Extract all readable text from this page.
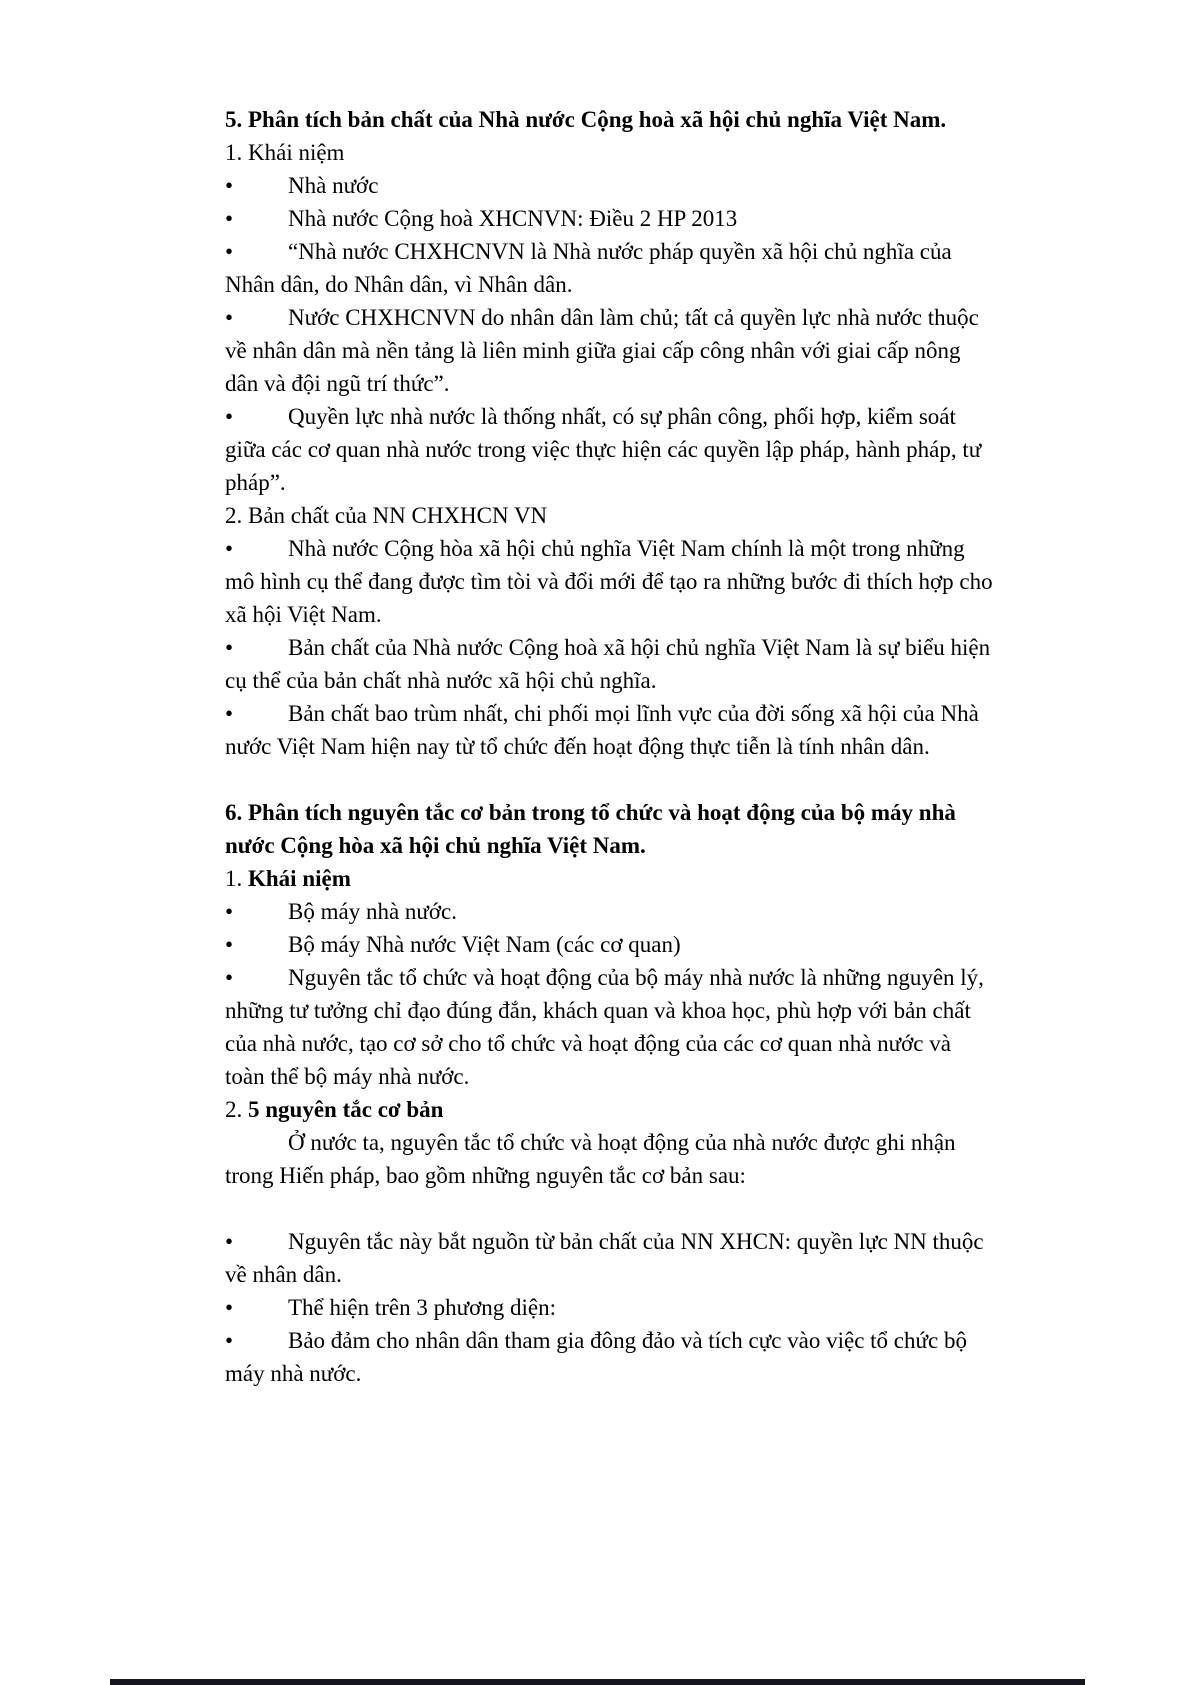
5. Phân tích bản chất của Nhà nước Cộng hoà xã hội chủ nghĩa Việt Nam.

1. Khái niệm

• Nhà nước

• Nhà nước Cộng hoà XHCNVN: Điều 2 HP 2013

• “Nhà nước CHXHCNVN là Nhà nước pháp quyền xã hội chủ nghĩa của Nhân dân, do Nhân dân, vì Nhân dân.

• Nước CHXHCNVN do nhân dân làm chủ; tất cả quyền lực nhà nước thuộc về nhân dân mà nền tảng là liên minh giữa giai cấp công nhân với giai cấp nông dân và đội ngũ trí thức”.

• Quyền lực nhà nước là thống nhất, có sự phân công, phối hợp, kiểm soát giữa các cơ quan nhà nước trong việc thực hiện các quyền lập pháp, hành pháp, tư pháp”.

2. Bản chất của NN CHXHCN VN

• Nhà nước Cộng hòa xã hội chủ nghĩa Việt Nam chính là một trong những mô hình cụ thể đang được tìm tòi và đổi mới để tạo ra những bước đi thích hợp cho xã hội Việt Nam.

• Bản chất của Nhà nước Cộng hoà xã hội chủ nghĩa Việt Nam là sự biểu hiện cụ thể của bản chất nhà nước xã hội chủ nghĩa.

• Bản chất bao trùm nhất, chi phối mọi lĩnh vực của đời sống xã hội của Nhà nước Việt Nam hiện nay từ tổ chức đến hoạt động thực tiễn là tính nhân dân.

6. Phân tích nguyên tắc cơ bản trong tổ chức và hoạt động của bộ máy nhà nước Cộng hòa xã hội chủ nghĩa Việt Nam.

1. Khái niệm

• Bộ máy nhà nước.

• Bộ máy Nhà nước Việt Nam (các cơ quan)

• Nguyên tắc tổ chức và hoạt động của bộ máy nhà nước là những nguyên lý, những tư tưởng chỉ đạo đúng đắn, khách quan và khoa học, phù hợp với bản chất của nhà nước, tạo cơ sở cho tổ chức và hoạt động của các cơ quan nhà nước và toàn thể bộ máy nhà nước.

2. 5 nguyên tắc cơ bản

Ở nước ta, nguyên tắc tổ chức và hoạt động của nhà nước được ghi nhận trong Hiến pháp, bao gồm những nguyên tắc cơ bản sau:

• Nguyên tắc này bắt nguồn từ bản chất của NN XHCN: quyền lực NN thuộc về nhân dân.

• Thể hiện trên 3 phương diện:

• Bảo đảm cho nhân dân tham gia đông đảo và tích cực vào việc tổ chức bộ máy nhà nước.
